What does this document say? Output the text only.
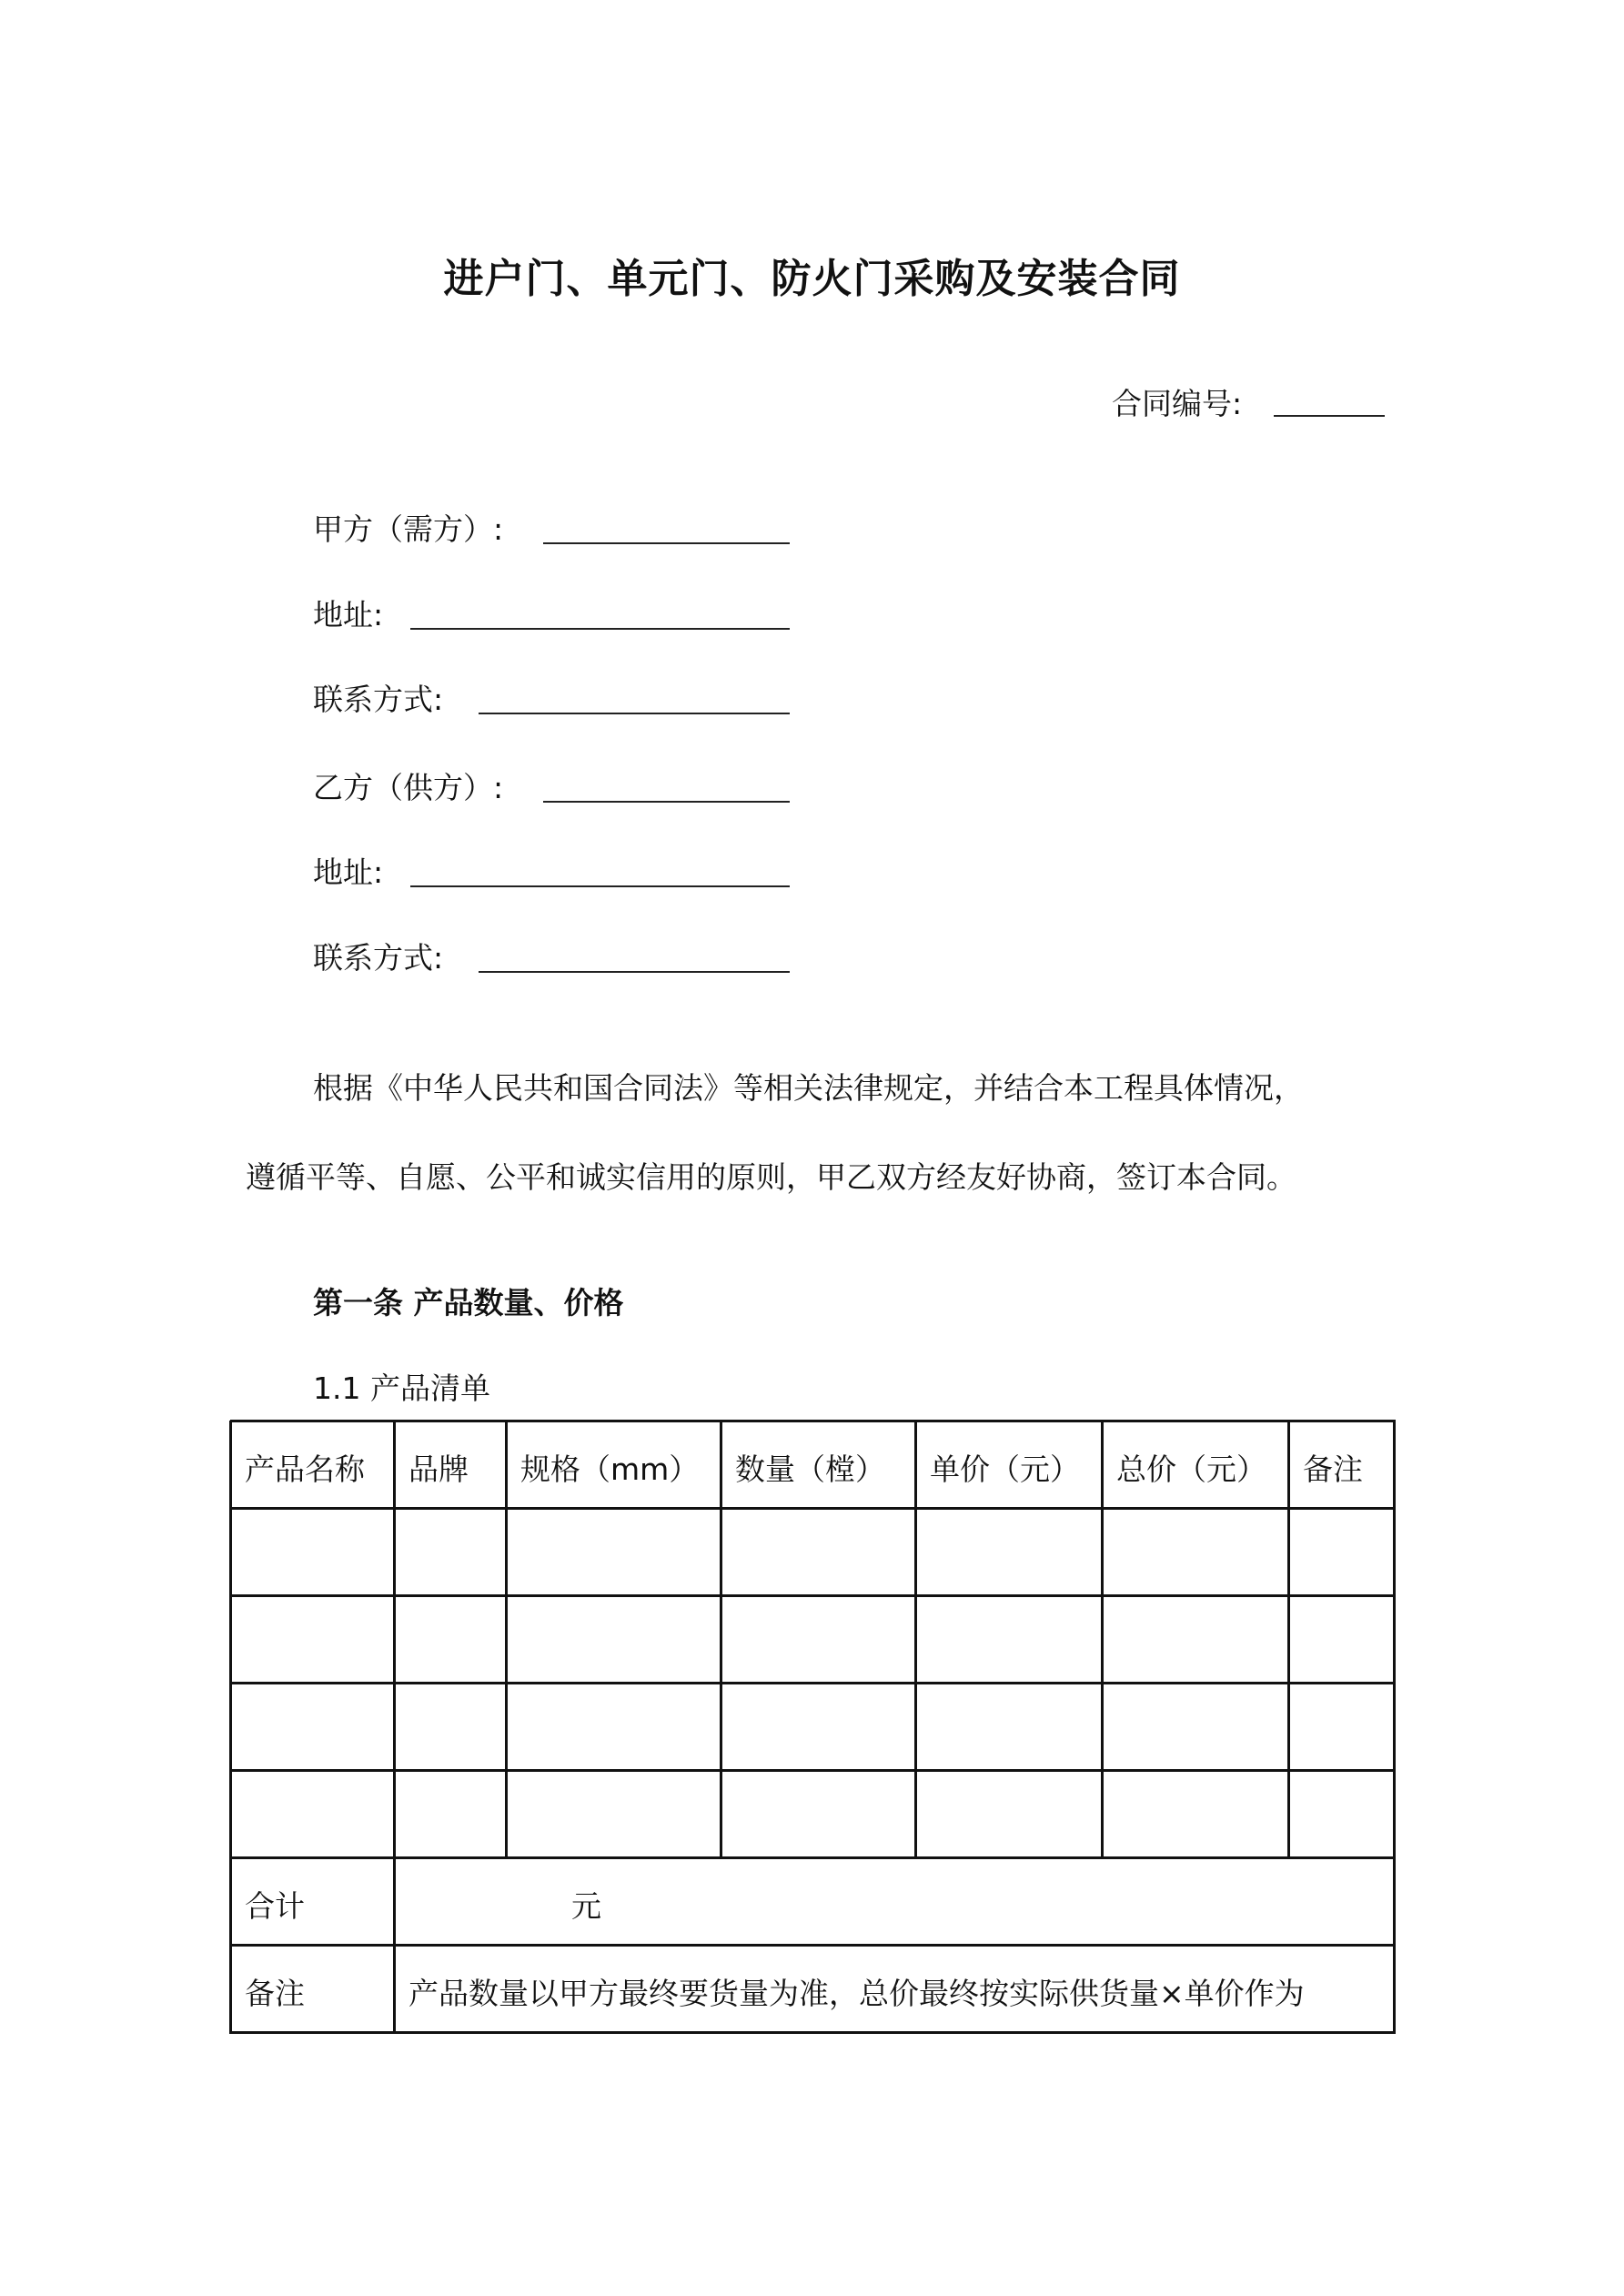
进户门、单元门、防火门采购及安装合同
合同编号:
甲方（需方）:
地址:
联系方式:
乙方（供方）:
地址:
联系方式:
根据《中华人民共和国合同法》等相关法律规定，并结合本工程具体情况，
遵循平等、自愿、公平和诚实信用的原则，甲乙双方经友好协商，签订本合同。
第一条 产品数量、价格
1.1 产品清单
产品名称 品牌 规格（mm） 数量（樘） 单价（元） 总价（元） 备注
合计	元
备注	产品数量以甲方最终要货量为准，总价最终按实际供货量×单价作为
